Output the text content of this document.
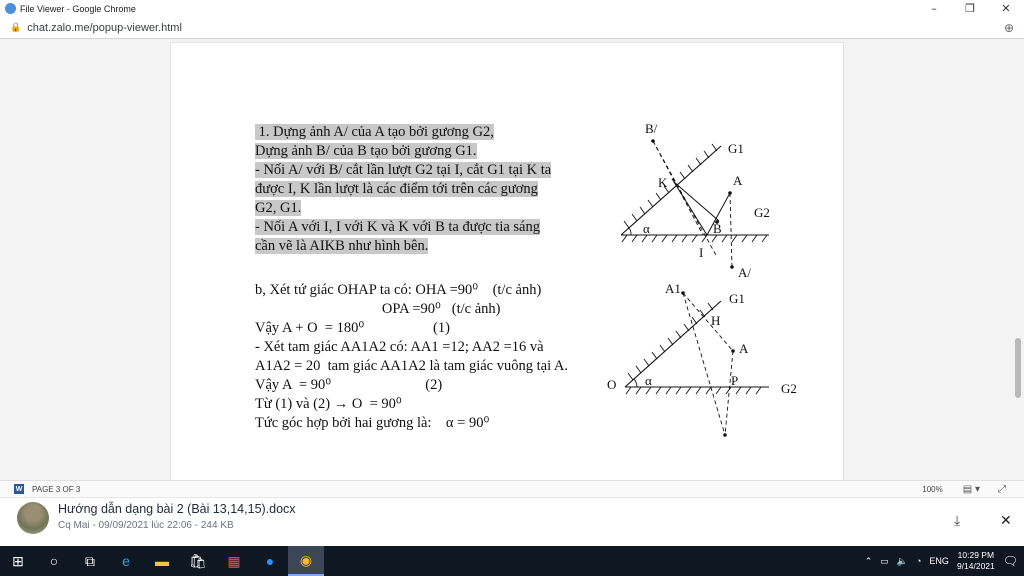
File Viewer - Google Chrome	–	❐	✕
🔒 chat.zalo.me/popup-viewer.html	⊕
1. Dựng ảnh A/ của A tạo bởi gương G2,
Dựng ảnh B/ của B tạo bởi gương G1.
- Nối A/ với B/ cắt lần lượt G2 tại I, cắt G1 tại K ta
được I, K lần lượt là các điểm tới trên các gương
G2, G1.
- Nối A với I, I với K và K với B ta được tia sáng
cần vẽ là AIKB như hình bên.
b, Xét tứ giác OHAP ta có: OHA =90⁰    (t/c ảnh)
OPA =90⁰   (t/c ảnh)
Vậy A + O  = 180⁰                   (1)
- Xét tam giác AA1A2 có: AA1 =12; AA2 =16 và
A1A2 = 20  tam giác AA1A2 là tam giác vuông tại A.
Vậy A  = 90⁰                          (2)
Từ (1) và (2) → O  = 90⁰
Tức góc hợp bởi hai gương là:    α = 90⁰
B/
G1
K	A
G2
α	B
I
A/
A1
G1
H
A
O α	P
G2
W PAGE 3 OF 3	100% ▤ ▾ ⤢
Hướng dẫn dạng bài 2 (Bài 13,14,15).docx
Cq Mai - 09/09/2021 lúc 22:06 - 244 KB	⤓	✕
⊞	○	⧉	e	▬	🛍	▦	●	◉	⌃ ▭ 🔈 ◔ ENG
10:29 PM
9/14/2021 🗨
